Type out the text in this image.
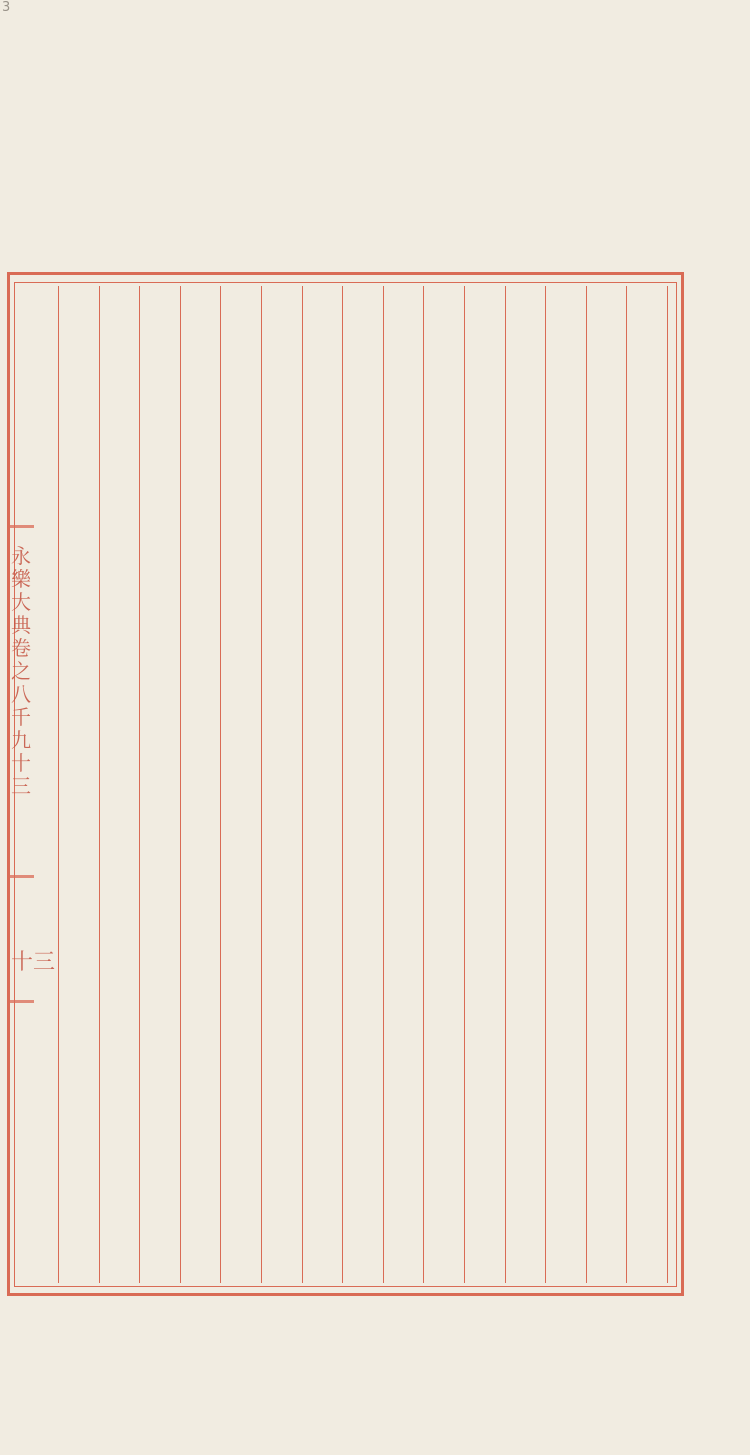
3
永
樂
大
典
卷
之
八
千
九
十
三
十三
